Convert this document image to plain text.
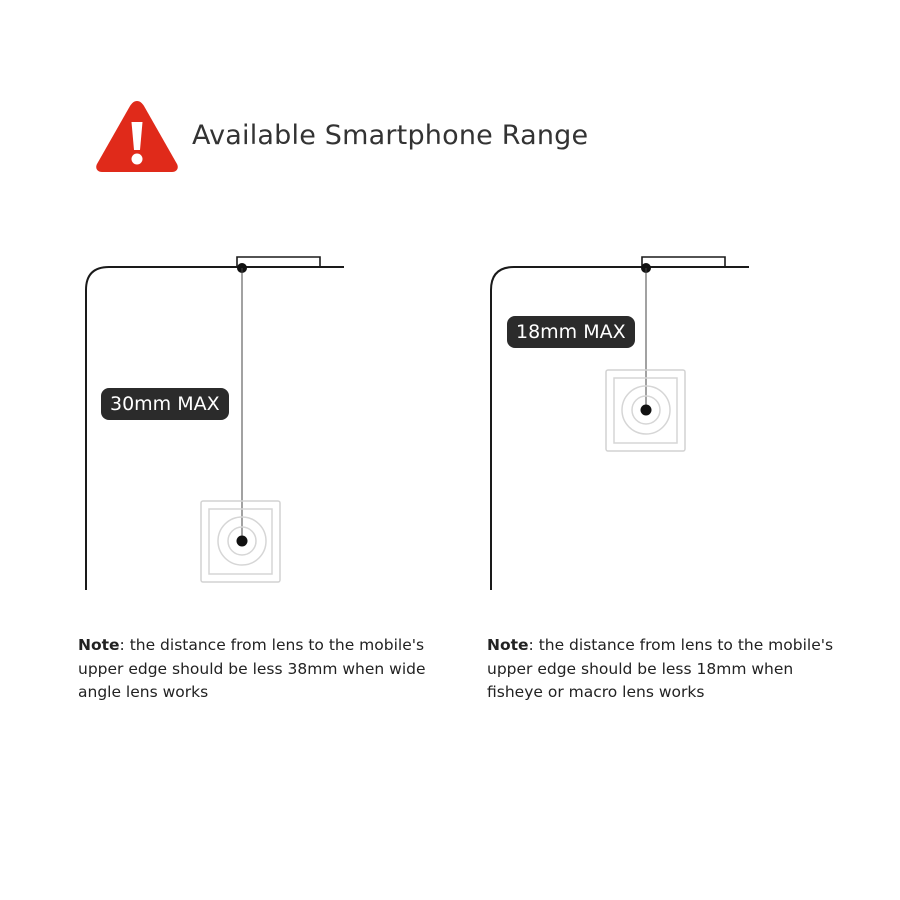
Available Smartphone Range
30mm MAX
18mm MAX
Note: the distance from lens to the mobile's upper edge should be less 38mm when wide angle lens works
Note: the distance from lens to the mobile's upper edge should be less 18mm when fisheye or macro lens works
